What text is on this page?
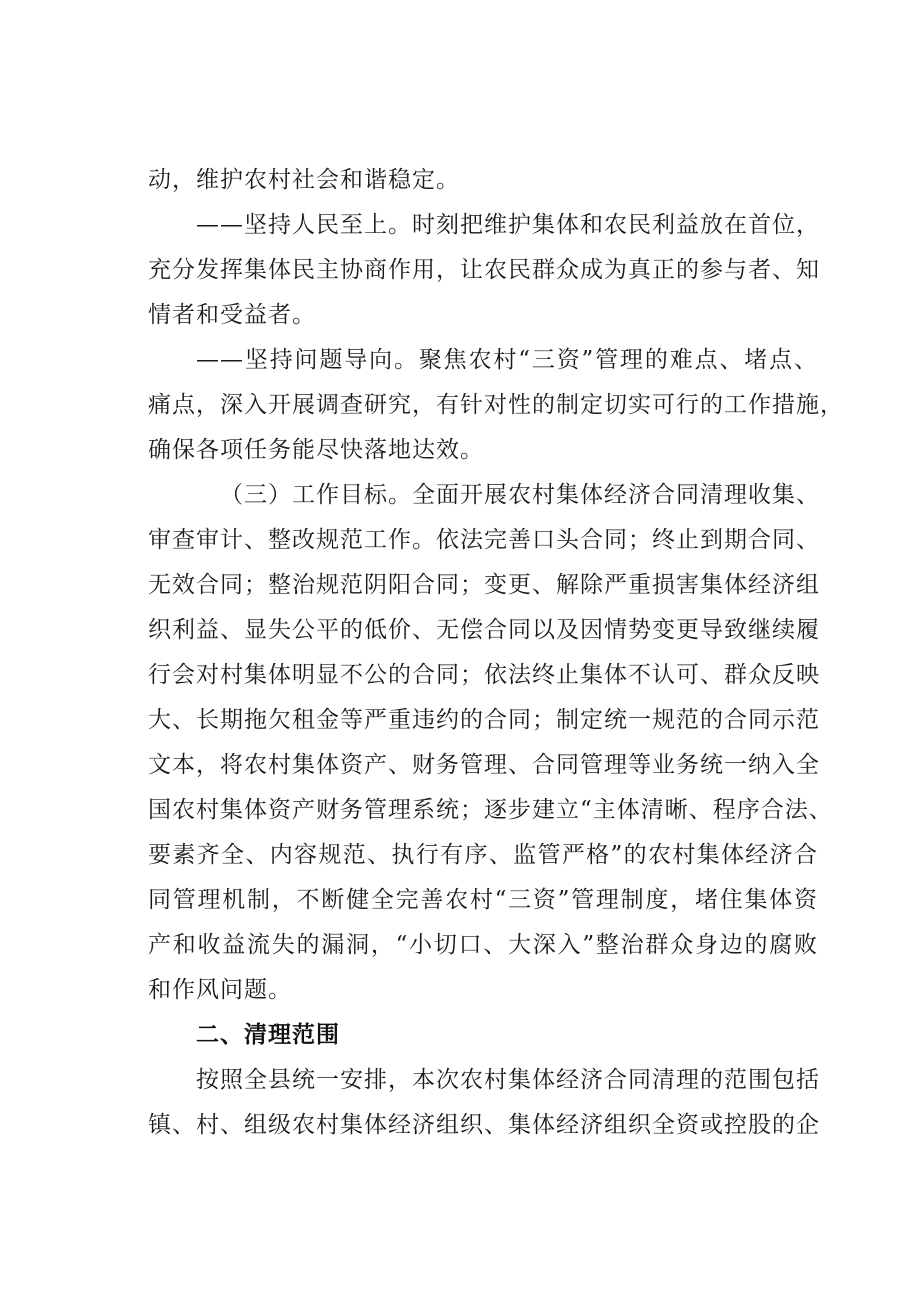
动，维护农村社会和谐稳定。
——坚持人民至上。时刻把维护集体和农民利益放在首位，
充分发挥集体民主协商作用，让农民群众成为真正的参与者、知
情者和受益者。
——坚持问题导向。聚焦农村“三资”管理的难点、堵点、
痛点，深入开展调查研究，有针对性的制定切实可行的工作措施，
确保各项任务能尽快落地达效。
（三）工作目标。全面开展农村集体经济合同清理收集、
审查审计、整改规范工作。依法完善口头合同；终止到期合同、
无效合同；整治规范阴阳合同；变更、解除严重损害集体经济组
织利益、显失公平的低价、无偿合同以及因情势变更导致继续履
行会对村集体明显不公的合同；依法终止集体不认可、群众反映
大、长期拖欠租金等严重违约的合同；制定统一规范的合同示范
文本，将农村集体资产、财务管理、合同管理等业务统一纳入全
国农村集体资产财务管理系统；逐步建立“主体清晰、程序合法、
要素齐全、内容规范、执行有序、监管严格”的农村集体经济合
同管理机制，不断健全完善农村“三资”管理制度，堵住集体资
产和收益流失的漏洞，“小切口、大深入”整治群众身边的腐败
和作风问题。
二、清理范围
按照全县统一安排，本次农村集体经济合同清理的范围包括
镇、村、组级农村集体经济组织、集体经济组织全资或控股的企
